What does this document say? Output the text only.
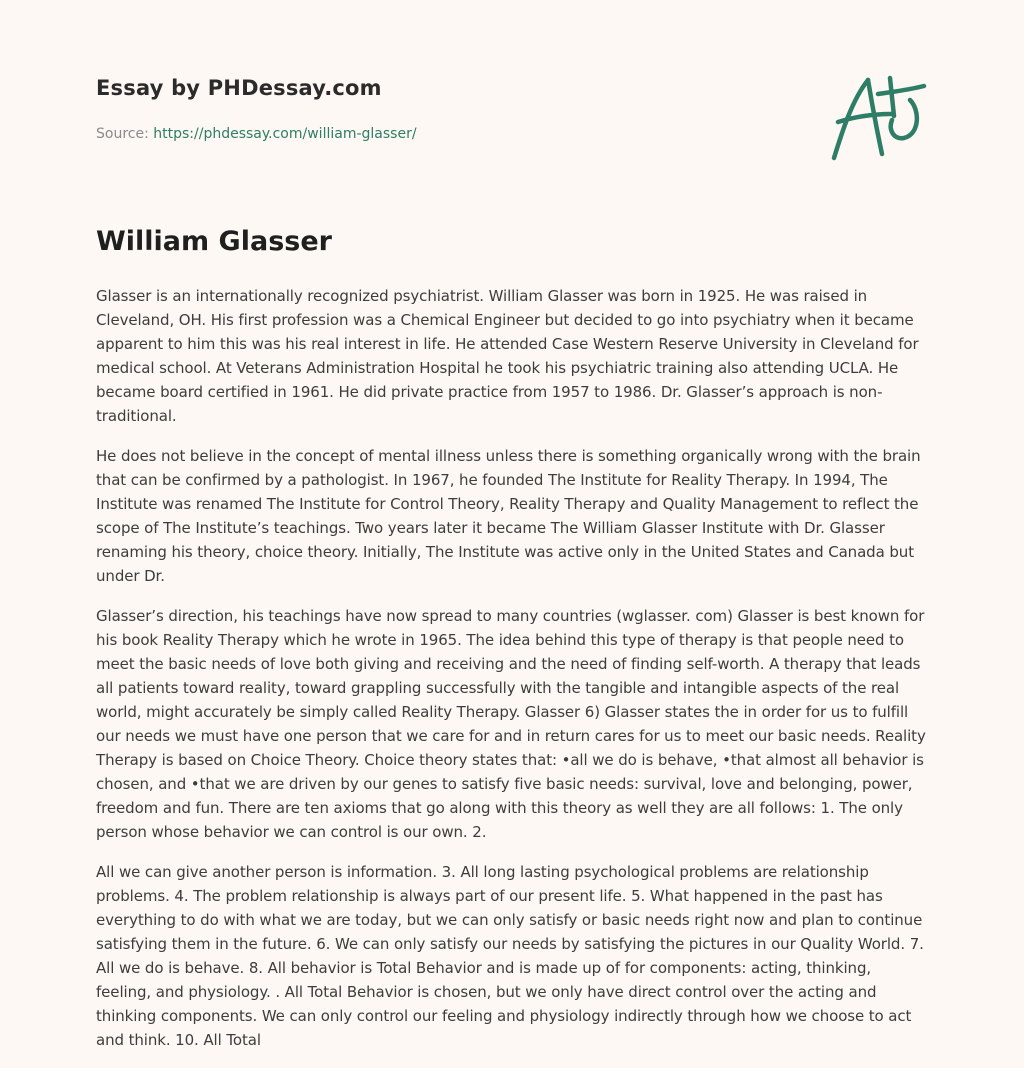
Essay by PHDessay.com

Source: https://phdessay.com/william-glasser/
William Glasser

Glasser is an internationally recognized psychiatrist. William Glasser was born in 1925. He was raised in Cleveland, OH. His first profession was a Chemical Engineer but decided to go into psychiatry when it became apparent to him this was his real interest in life. He attended Case Western Reserve University in Cleveland for medical school. At Veterans Administration Hospital he took his psychiatric training also attending UCLA. He became board certified in 1961. He did private practice from 1957 to 1986. Dr. Glasser’s approach is non-traditional.

He does not believe in the concept of mental illness unless there is something organically wrong with the brain that can be confirmed by a pathologist. In 1967, he founded The Institute for Reality Therapy. In 1994, The Institute was renamed The Institute for Control Theory, Reality Therapy and Quality Management to reflect the scope of The Institute’s teachings. Two years later it became The William Glasser Institute with Dr. Glasser renaming his theory, choice theory. Initially, The Institute was active only in the United States and Canada but under Dr.

Glasser’s direction, his teachings have now spread to many countries (wglasser. com) Glasser is best known for his book Reality Therapy which he wrote in 1965. The idea behind this type of therapy is that people need to meet the basic needs of love both giving and receiving and the need of finding self-worth. A therapy that leads all patients toward reality, toward grappling successfully with the tangible and intangible aspects of the real world, might accurately be simply called Reality Therapy. Glasser 6) Glasser states the in order for us to fulfill our needs we must have one person that we care for and in return cares for us to meet our basic needs. Reality Therapy is based on Choice Theory. Choice theory states that: •all we do is behave, •that almost all behavior is chosen, and •that we are driven by our genes to satisfy five basic needs: survival, love and belonging, power, freedom and fun. There are ten axioms that go along with this theory as well they are all follows: 1. The only person whose behavior we can control is our own. 2.

All we can give another person is information. 3. All long lasting psychological problems are relationship problems. 4. The problem relationship is always part of our present life. 5. What happened in the past has everything to do with what we are today, but we can only satisfy or basic needs right now and plan to continue satisfying them in the future. 6. We can only satisfy our needs by satisfying the pictures in our Quality World. 7. All we do is behave. 8. All behavior is Total Behavior and is made up of for components: acting, thinking, feeling, and physiology. . All Total Behavior is chosen, but we only have direct control over the acting and thinking components. We can only control our feeling and physiology indirectly through how we choose to act and think. 10. All Total
